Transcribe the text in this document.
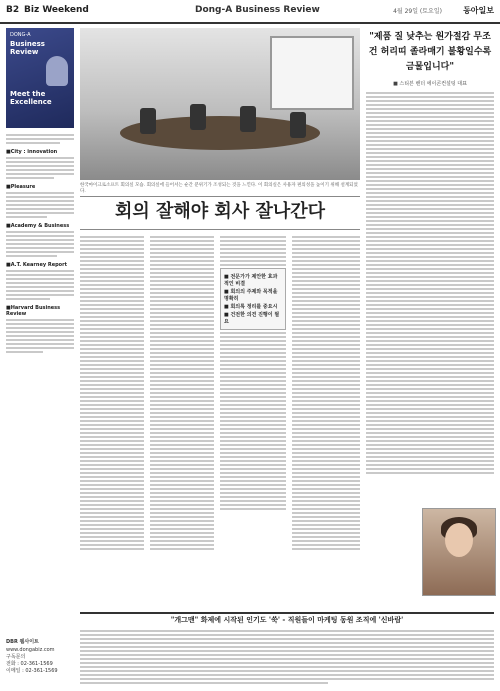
B2 Biz Weekend	Dong-A Business Review	4월 29일 (토요일)	동아일보
DONG-A
Business Review
Meet the Excellence
■City : innovation
■Pleasure
■Academy & Business
■A.T. Kearney Report
■Harvard Business Review
DBR 웹사이트
www.dongabiz.com
구독문의
전화 : 02-361-1569
이메일 : 02-361-1569
한국마이크로소프트 회의실 모습. 회의실에 들어서는 순간 분위기가 조성되는 것을 느낀다. 이 회의실은 사용자 편의성을 높이기 위해 설계되었다.
회의 잘해야 회사 잘나간다
"제품 질 낮추는 원가절감 무조건 허리띠 졸라매기 불황일수록 금물입니다"
■ 스티븐 밴더 에이콘컨설팅 대표
■ 전문가가 제안한 효과적인 비결
■ 회의의 주제와 목적을 명확히
■ 회의록 정리를 중요시
■ 건전한 의견 진행이 필요
"개그맨" 화제에 시작된 인기도 '쑥' - 직원들이 마케팅 동원 조직에 '신바람'
